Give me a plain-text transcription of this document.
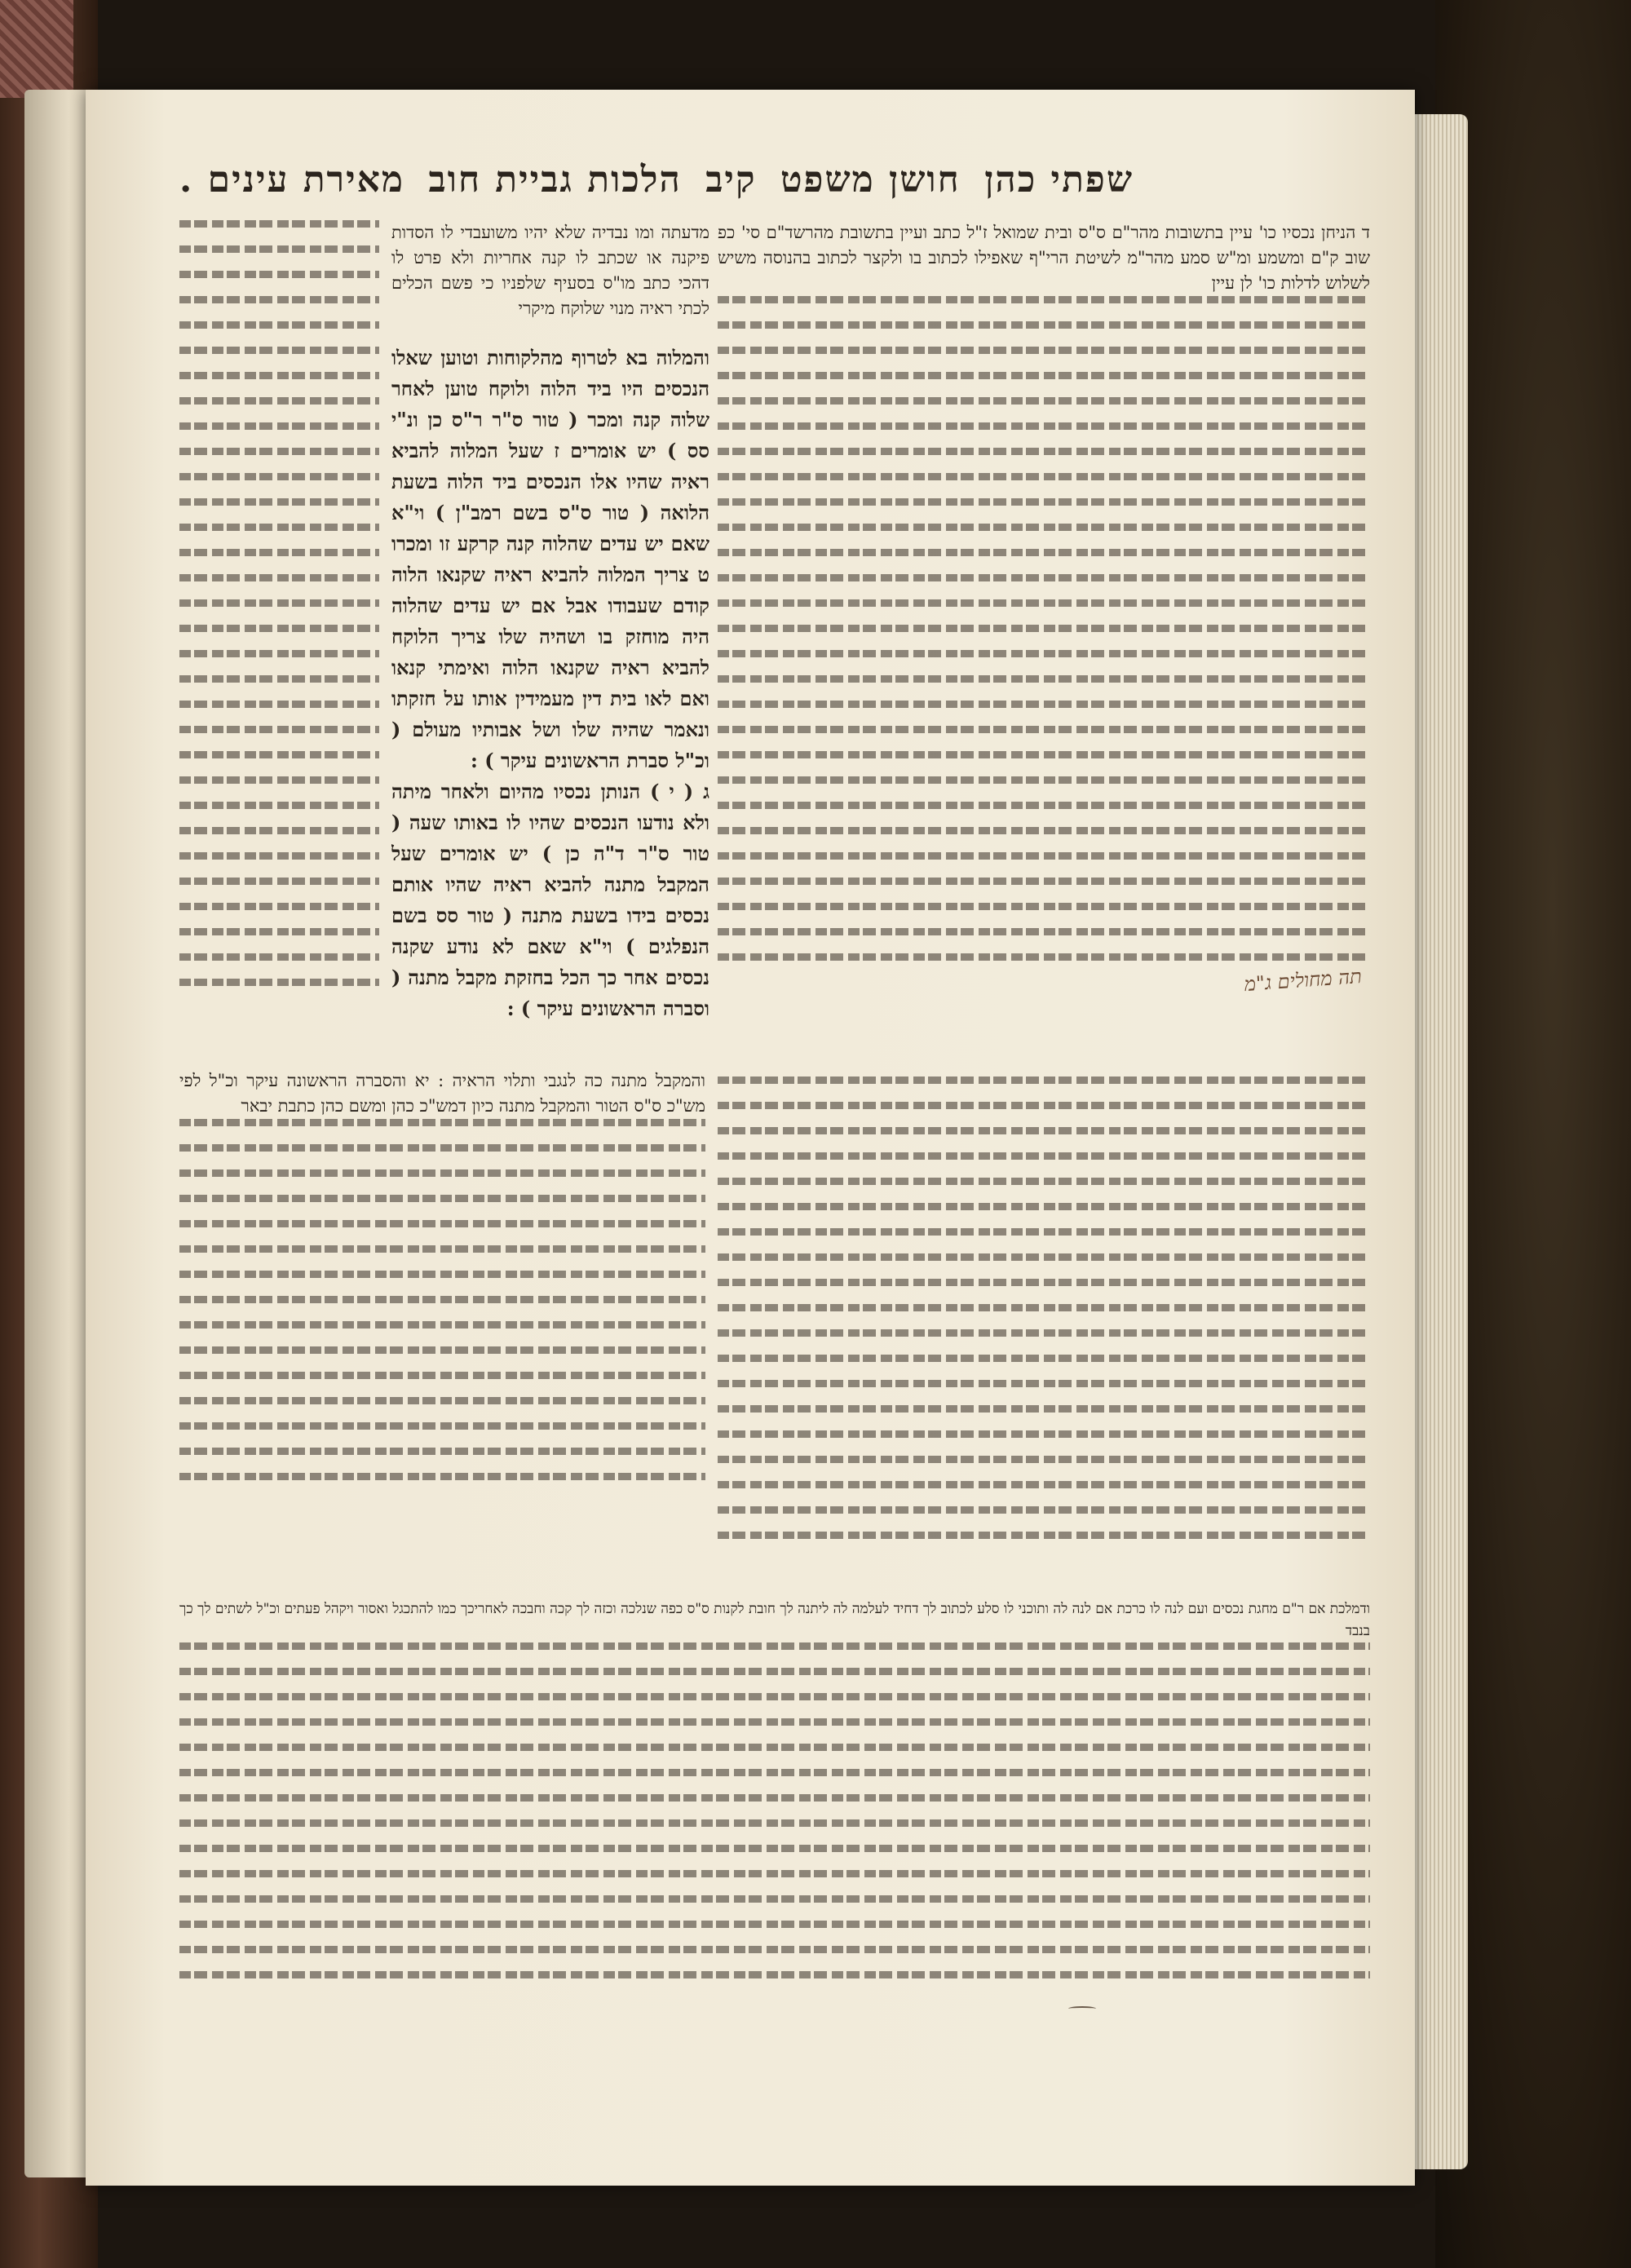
שפתי כהן
חושן משפט
קיב
הלכות גביית חוב
מאירת עינים .

ד הניחן נכסיו כו' עיין בתשובות מהר"ם ס"ס ובית שמואל ז"ל כתב ועיין בתשובת מהרשד"ם סי' כפ שוב ק"ם ומשמע ומ"ש סמע מהר"מ לשיטת הרי"ף שאפילו לכתוב בו ולקצר לכתוב בהנוסה משיש לשלוש לדלות כו' לן עיין

מדעתה ומו נבדיה שלא יהיו משועבדי לו הסדות פיקנה או שכתב לו קנה אחריות ולא פרט לו דהכי כתב מו"ס בסעיף שלפניו כי פשם הכלים לכתי ראיה מנוי שלוקח מיקרי

והמלוה בא לטרוף מהלקוחות וטוען שאלו הנכסים היו ביד הלוה ולוקח טוען לאחר שלוה קנה ומכר ( טור ס"ר ר"ס כן ונ"י סס ) יש אומרים ז שעל המלוה להביא ראיה שהיו אלו הנכסים ביד הלוה בשעת הלואה ( טור ס"ס בשם רמב"ן ) וי"א שאם יש עדים שהלוה קנה קרקע זו ומכרו ט צריך המלוה להביא ראיה שקנאו הלוה קודם שעבודו אבל אם יש עדים שהלוה היה מוחזק בו ושהיה שלו צריך הלוקח להביא ראיה שקנאו הלוה ואימתי קנאו ואם לאו בית דין מעמידין אותו על חזקתו ונאמר שהיה שלו ושל אבותיו מעולם ( וכ"ל סברת הראשונים עיקר ) :

ג ( י ) הנותן נכסיו מהיום ולאחר מיתה ולא נודעו הנכסים שהיו לו באותו שעה ( טור ס"ר ד"ה כן ) יש אומרים שעל המקבל מתנה להביא ראיה שהיו אותם נכסים בידו בשעת מתנה ( טור סס בשם הנפלגים ) וי"א שאם לא נודע שקנה נכסים אחר כך הכל בחזקת מקבל מתנה ( וסברה הראשונים עיקר ) :

והמקבל מתנה כה לנגבי ותלוי הראיה : יא והסברה הראשונה עיקר וכ"ל לפי מש"כ ס"ס הטור והמקבל מתנה כיון דמש"כ כהן ומשם כהן כתבת יבאר

ודמלכת אם ר"ם מחגת נכסים ועם לנה לו כרכת אם לנה לה ותוכני לו סלע לכתוב לך דחיד לעלמה לה ליתנה לך חובת לקנות ס"ס כפה שנלכה וכזה לך קכה וחבכה לאחריכך כמו להתכגל ואסור ויקהל פעתים וכ"ל לשתים לך כך בנבד

תה מחולים ג"מ
